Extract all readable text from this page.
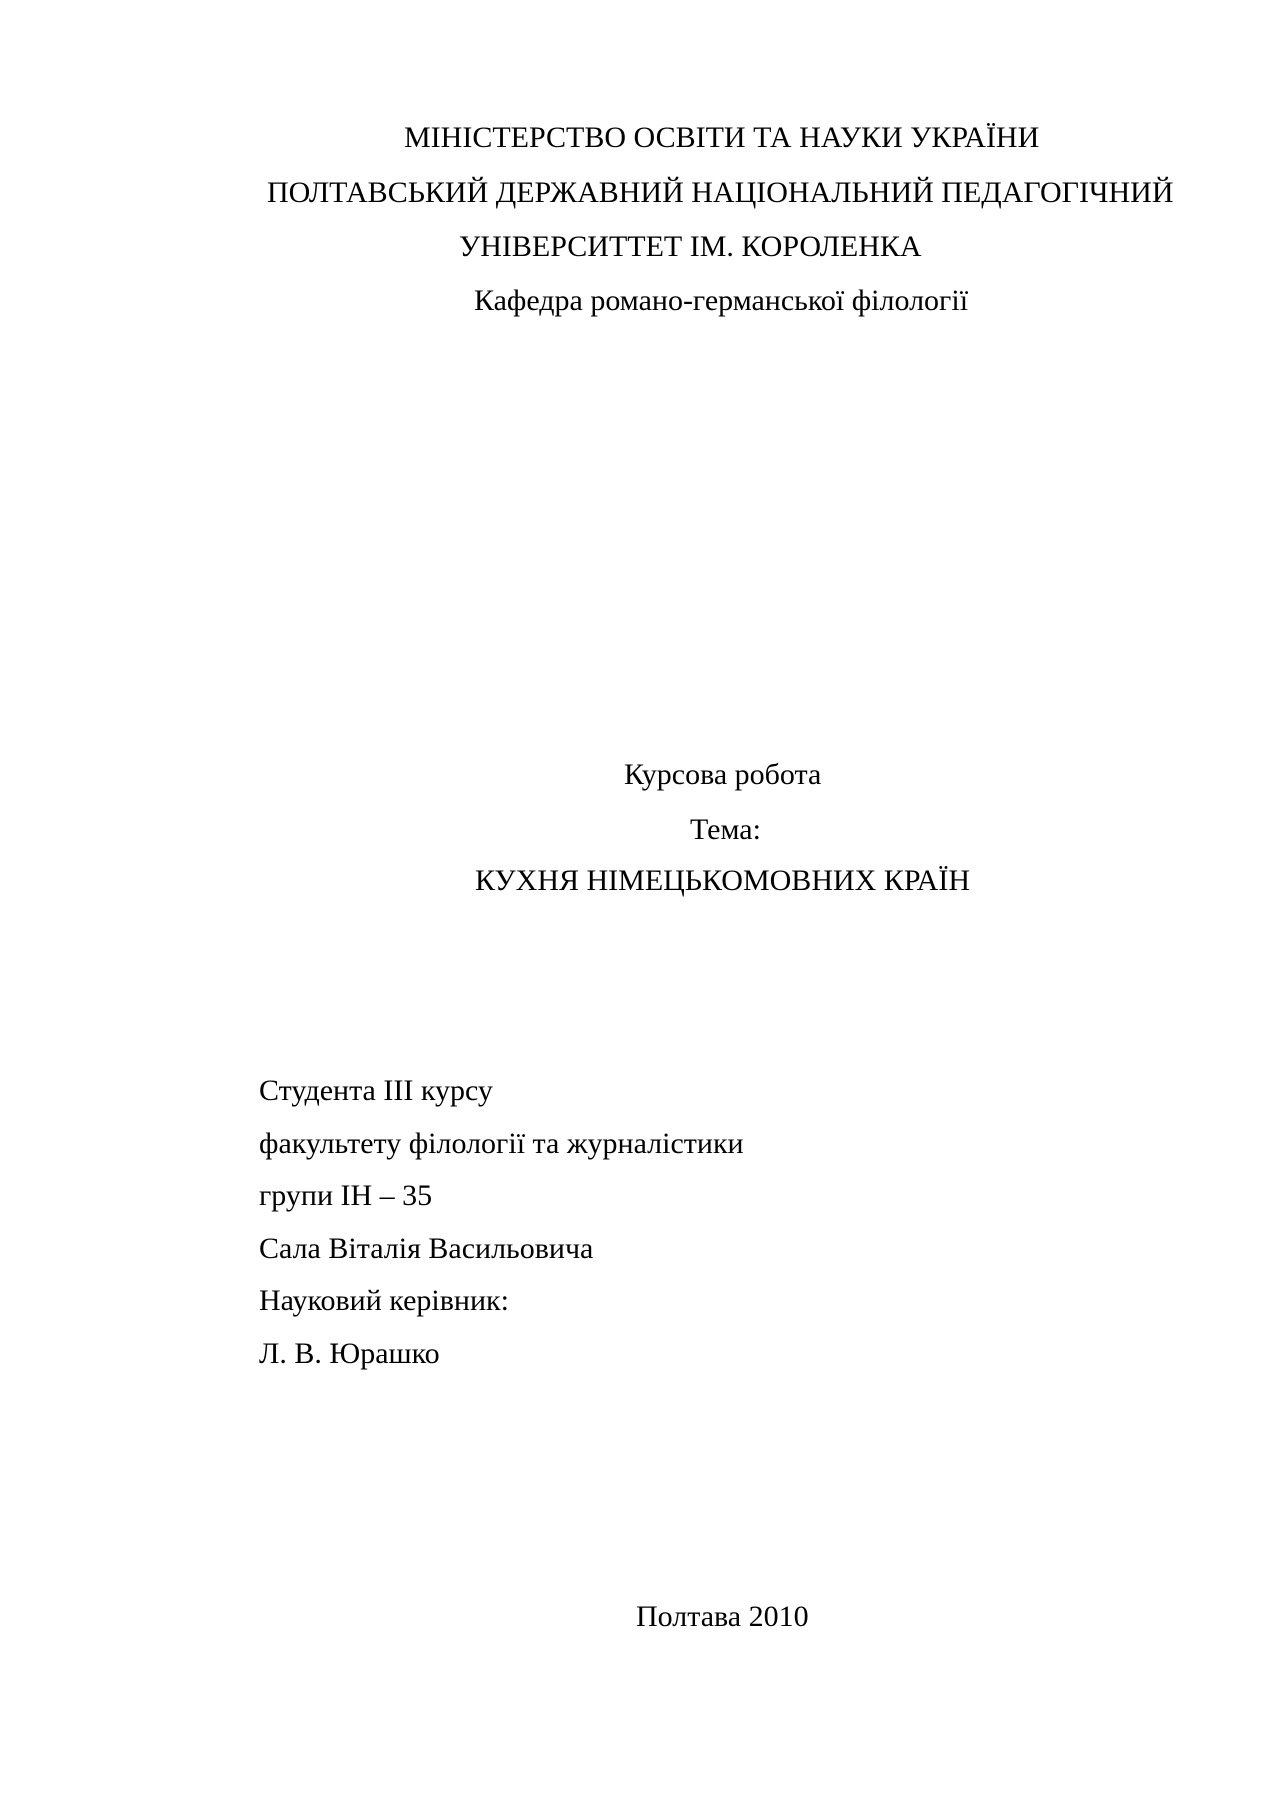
МІНІСТЕРСТВО ОСВІТИ ТА НАУКИ УКРАЇНИ
ПОЛТАВСЬКИЙ ДЕРЖАВНИЙ НАЦІОНАЛЬНИЙ ПЕДАГОГІЧНИЙ
УНІВЕРСИТТЕТ ІМ. КОРОЛЕНКА
Кафедра романо-германської філології
Курсова робота
Тема:
КУХНЯ НІМЕЦЬКОМОВНИХ КРАЇН
Студента ІІІ курсу
факультету філології та журналістики
групи ІН – 35
Сала Віталія Васильовича
Науковий керівник:
Л. В. Юрашко
Полтава 2010
